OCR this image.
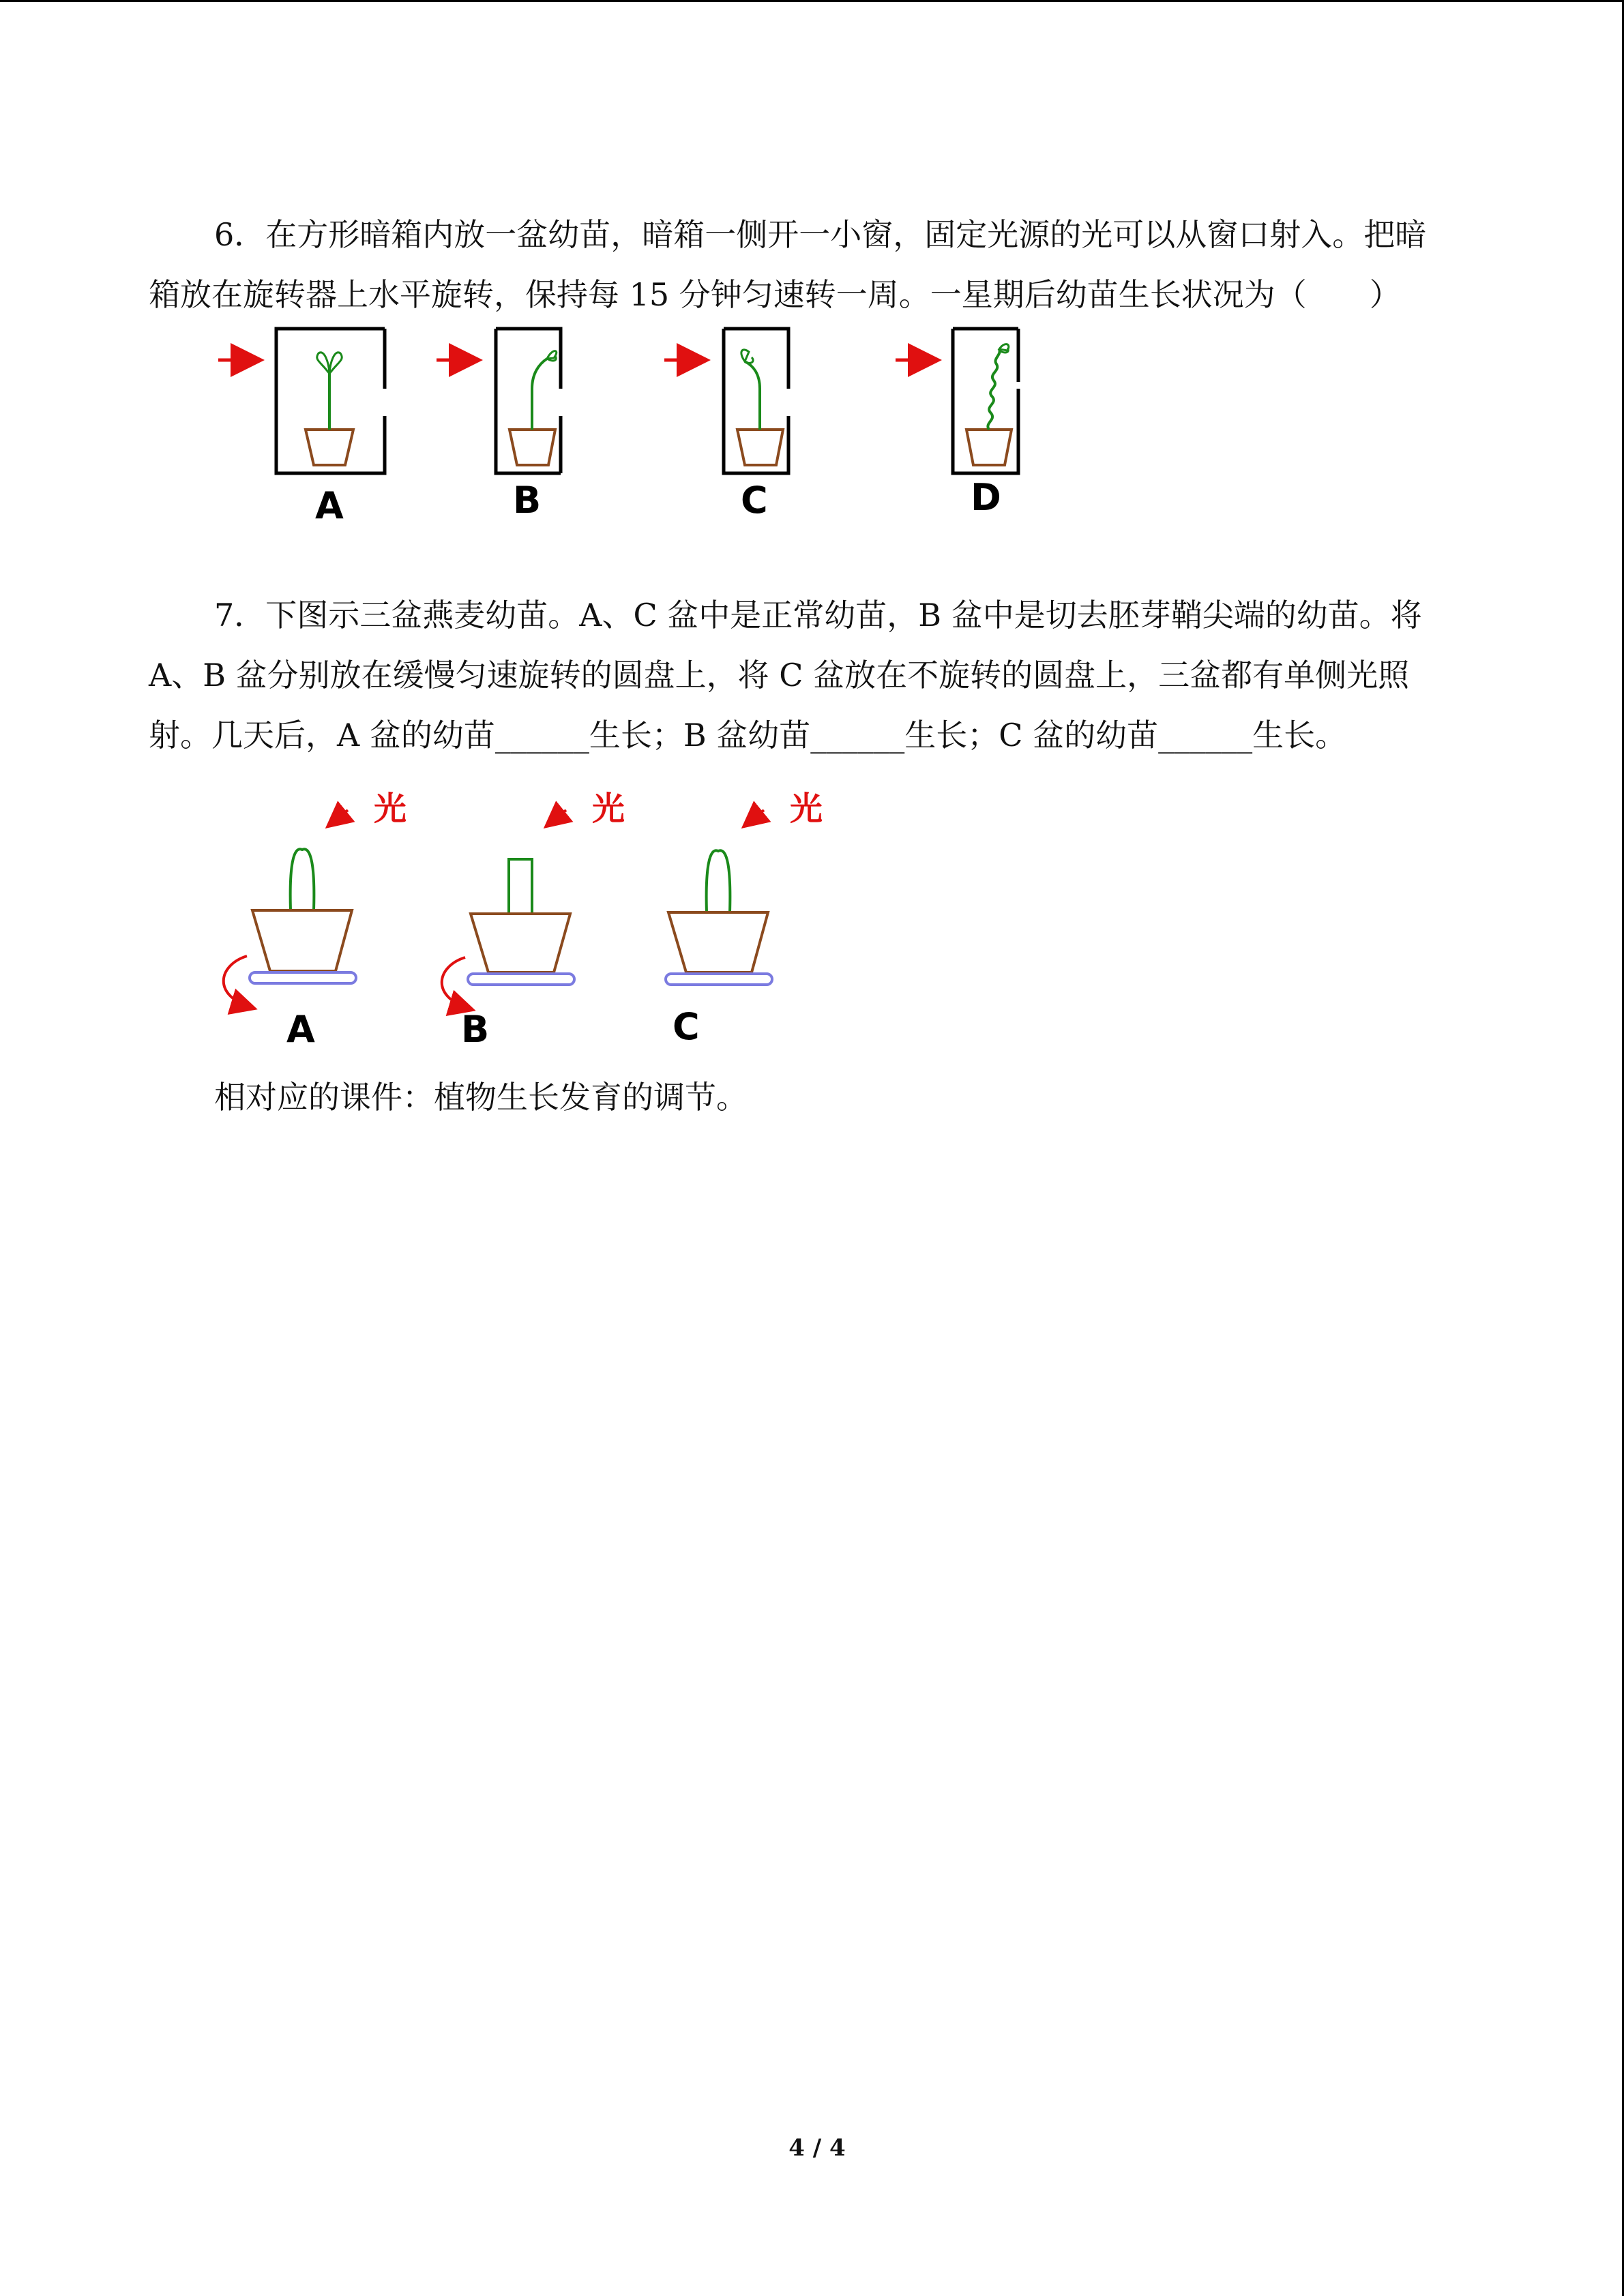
6．在方形暗箱内放一盆幼苗，暗箱一侧开一小窗，固定光源的光可以从窗口射入。把暗
箱放在旋转器上水平旋转，保持每 15 分钟匀速转一周。一星期后幼苗生长状况为（　　）
A	B	C	D
7．下图示三盆燕麦幼苗。A、C 盆中是正常幼苗，B 盆中是切去胚芽鞘尖端的幼苗。将
A、B 盆分别放在缓慢匀速旋转的圆盘上，将 C 盆放在不旋转的圆盘上，三盆都有单侧光照
射。几天后，A 盆的幼苗______生长；B 盆幼苗______生长；C 盆的幼苗______生长。
光
A
光
B
光
C
相对应的课件：植物生长发育的调节。
4 / 4
